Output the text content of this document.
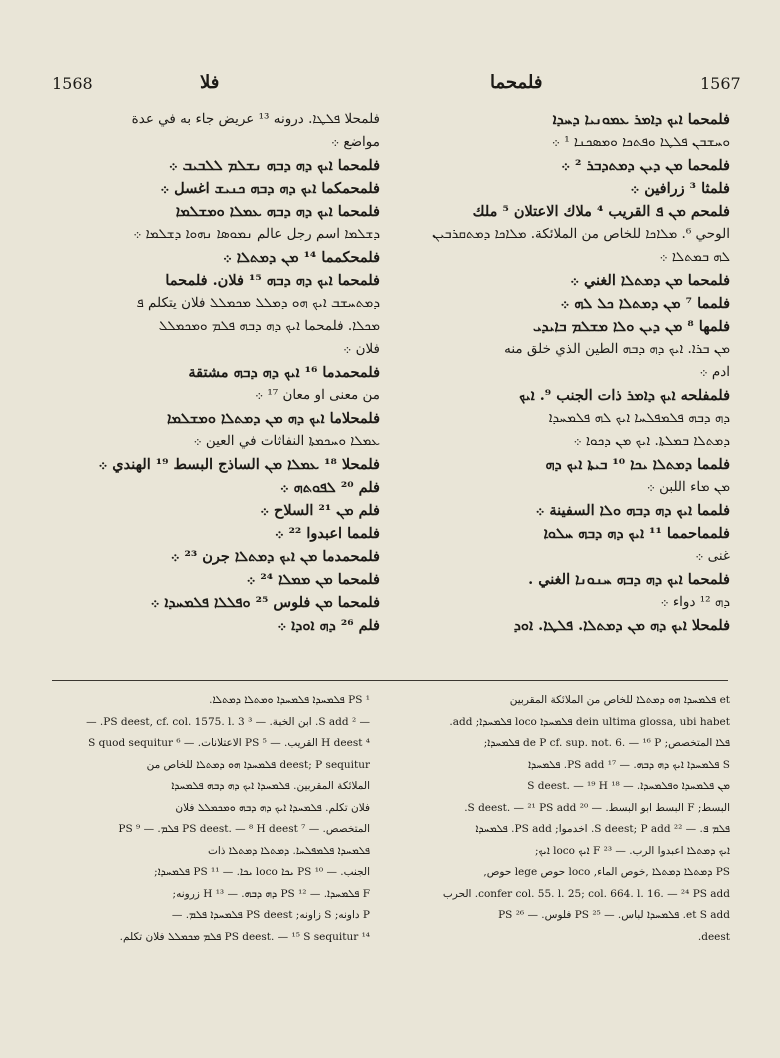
1568	فلا	فلمحما	1567
فلمحما ܐܝܟ ܕܐܡܪ ܥܡܘܢܝܐ ܕܚܕܐ
ܘܚܫܒܢ ܦܠܛܐ ܘܦܬܟܐ ܘܡܣܟܢܐ ¹ ܀
فلمحما ܡܢ ܕܝܢ ܕܡܬܕܒܪ ² ܀
فلمثا ³ زرافين ܀
فلمحم ܡܢ ܦ القريب ⁴ ملاك الاعتلان ⁵ ملك
الوحي ⁶. ܡܠܐܟܐ للخاص من الملائكة. ܡܠܐܟܐ ܕܡܬܩܪܒܝܢ
ܠܗ ܒܡܬܠܐ ܀
فلمحما ܡܢ ܕܡܬܠܐ الغني ܀
فلمما ⁷ ܡܢ ܕܡܬܠܐ ܟܠ ܠܗ ܀
فلمها ⁸ ܡܢ ܕܝܢ ܘܠܐ ܡܫܠܡ ܒܐܝܕܝ
ܡܢ ܒܪܐ. ܐܝܟ ܕܗ ܕܒܗ الطين الذي خلق منه
ادم ܀
فلمفلحه ܐܝܟ ܕܐܡܪ ذات الجنب ⁹. ܐܝܟ
ܕܗ ܕܒܗ ܦܠܡܦܠܚܐ ܐܝܟ ܠܗ ܦܠܡܚܕܐ
ܕܡܬܠܐ ܒܡܠܬܐ. ܐܝܟ ܡܢ ܕܟܘܐ ܀
فلمما ܕܡܬܠܐ ܝܟܐ ¹⁰ ܒܝܬܐ ܐܝܟ ܕܗ
ܡܢ ܡاء اللبن ܀
فلمما ܐܝܟ ܕܗ ܕܒܗ ܘܠܐ السفينة ܀
فلمماحمما ¹¹ ܐܝܟ ܕܗ ܕܒܗ ܚܠܘܐ
غنى ܀
فلمحما ܐܝܟ ܕܗ ܕܒܗ ܚܢܘܢܐ الغني .
ܕܗ ¹² دواء ܀
فلمحلا ܐܝܟ ܕܗ ܡܢ ܕܡܬܠܐ. ܦܠܛܐ. ܐܘܕ
فلمحلا ܦܠܛܐ. درونه ¹³ عريض جاء به في عدة
مواضع ܀
فلمحما ܐܝܟ ܕܗ ܕܒܗ ܢܫܠܡ ܠܠܒܝܒ ܀
فلمحمكما ܐܝܟ ܕܗ ܕܒܗ ܟܢܝܫ اغسل ܀
فلمحما ܐܝܟ ܕܗ ܕܒܗ ܥܡܠܐ ܘܡܫܠܡܐ
ܕܫܠܡܐ اسم رجل عالم ܢܡܘܣܐ ܢܗܘܐ ܕܫܠܡܐ ܀
فلمحكمما ¹⁴ ܡܢ ܕܡܬܠܐ ܀
فلمحما ܐܝܟ ܕܗ ܕܒܗ ¹⁵ فلان. فلمحما
ܕܡܬܚܫܒ ܐܝܟ ܗܘ ܕܡܠܠ ܡܟܡܠܠ فلان يتكلم ܦ
ܡܟܠܐ. فلمحما ܐܝܟ ܕܗ ܕܒܗ ܦܠܡ ܘܡܟܡܠܠ
فلان ܀
فلمحمدما ¹⁶ ܐܝܟ ܕܗ ܕܒܗ مشتقة
من معنى او معان ¹⁷ ܀
فلمحلاما ܐܝܟ ܕܗ ܡܢ ܕܡܬܠܐ ܘܡܫܠܡܐ
ܥܡܠܐ ܘܚܟܡܬܐ النفاثات في العين ܀
فلمحلا ¹⁸ ܥܡܠܐ ܡܢ الساذج البسط ¹⁹ الهندي ܀
فلم ²⁰ ܠܦܘܬܗ ܀
فلم ܡܢ ²¹ السلاح ܀
فلمما اعبدوا ²² ܀
فلمحمدما ܡܢ ܐܝܟ ܕܡܬܠܐ جرن ²³ ܀
فلمحما ܡܢ ܡܡܠܐ ²⁴ ܀
فلمحما ܡܢ فلوس ²⁵ ܘܦܠܠܐ ܦܠܡܚܕܐ ܀
فلم ²⁶ ܕܗ ܐܘܕܐ ܀
et ܦܠܡܚܕܐ ܗܘ ܕܡܬܠܐ للخاص من الملائكة المقربين
dein ultima glossa, ubi habet ܦܠܡܚܕܐ loco ܦܠܡܚܕܐ; add.
ܦܠܐ المتخصص; de P cf. sup. not. 6. — ¹⁶ P ܦܠܡܚܕܐ;
S ܦܠܡܚܕܐ ܐܝܟ ܕܗ ܕܒܗ. — ¹⁷ PS add. ܦܠܡܚܕܐ
ܡܢ ܦܠܡܚܕܐ ܘܦܠܡܚܕܐ. — ¹⁸ S deest. — ¹⁹ H
البسط; F البسط ابو البسط. — ²⁰ S deest. — ²¹ PS add.
ܦܠܡ ܦ. — ²² S deest; P add. اخدموا; PS add. ܦܠܡܚܕܐ
ܐܝܟ ܕܡܬܠܐ اعبدوا الرب. — ²³ F ܐܝܟ loco ܐܝܟ;
PS ܕܡܬܠܐ ܕܡܬܠܐ ,خوص الماء, loco حوص lege حوص,
confer col. 55. l. 25; col. 664. l. 16. — ²⁴ PS add. الحرب
et S add. ܦܠܡܚܕܐ لباس. — ²⁵ PS فلوس. — ²⁶ PS
deest.
¹ PS ܦܠܡܚܕܐ ܦܠܡܚܕܐ ܘܡܬܠܐ ܕܡܬܠܐ.
— ² S add. ابن الخبة. — ³ PS deest, cf. col. 1575. l. 3. —
⁴ H deest القريب. — ⁵ PS الاعتلانات. — ⁶ S quod sequitur
deest; P sequitur ܦܠܡܚܕܐ ܗܘ ܕܡܬܠܐ للخاص من
الملائكة المقربين. ܦܠܡܚܕܐ ܐܝܟ ܕܗ ܕܒܗ ܦܠܡܚܕܐ
فلان تكلم. ܦܠܡܚܕܐ ܐܝܟ ܕܗ ܕܒܗ ܘܡܟܡܠܠ فلان
المتخصص. — ⁷ PS deest. — ⁸ H deest ܦܠܡ. — ⁹ PS
ܦܠܡܚܕܐ ܦܠܡܦܠܚܐ. ܕܡܬܠܐ ܕܡܬܠܐ ذات
الجنب. — ¹⁰ PS ܝܟܐ loco ܝܟܐ. — ¹¹ PS ܦܠܡܚܕܐ;
F ܦܠܡܚܕܐ. — ¹² PS ܕܗ ܕܒܗ. — ¹³ H زرونه;
P داونه; S زاونه; PS deest ܦܠܡܚܕܐ ܦܠܡ. —
¹⁴ PS deest. — ¹⁵ S sequitur ܦܠܡ ܡܟܡܠܠ فلان تكلم.
